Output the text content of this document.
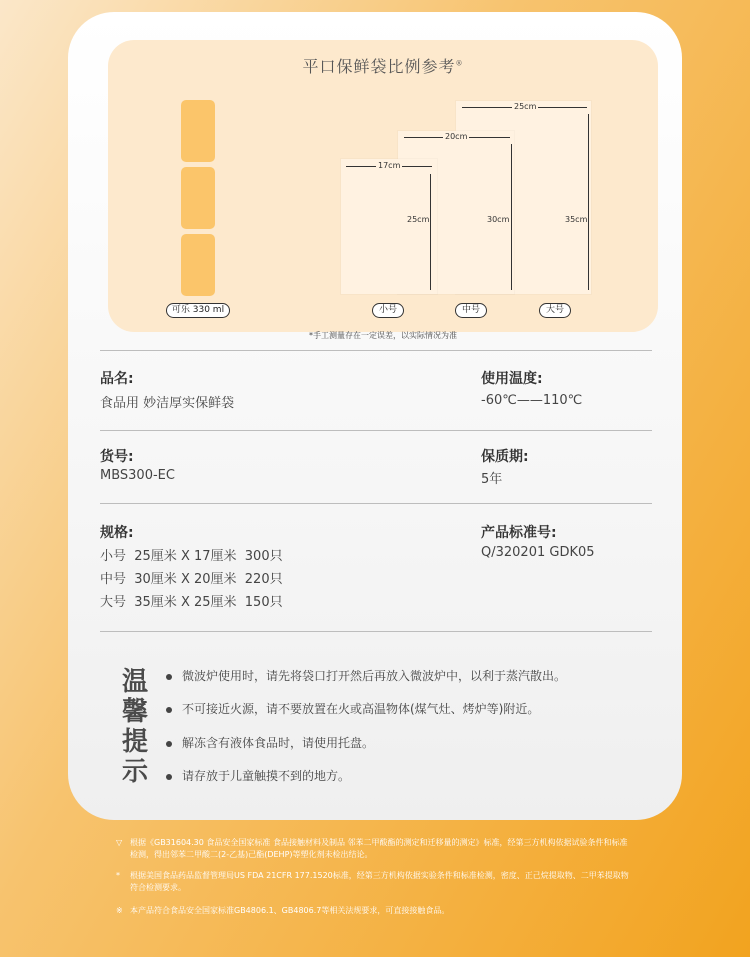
平口保鲜袋比例参考®
可乐 330 ml
17cm
25cm
20cm
30cm
25cm
35cm
小号	中号	大号
*手工测量存在一定误差，以实际情况为准
品名:
食品用 妙洁厚实保鲜袋
使用温度:
-60℃——110℃
货号:
MBS300-EC
保质期:
5年
规格:
小号  25厘米 X 17厘米  300只
中号  30厘米 X 20厘米  220只
大号  35厘米 X 25厘米  150只
产品标准号:
Q/320201 GDK05
温
馨
提
示
微波炉使用时，请先将袋口打开然后再放入微波炉中，以利于蒸汽散出。
不可接近火源，请不要放置在火或高温物体(煤气灶、烤炉等)附近。
解冻含有液体食品时，请使用托盘。
请存放于儿童触摸不到的地方。
▽ 根据《GB31604.30 食品安全国家标准 食品接触材料及制品 邻苯二甲酸酯的测定和迁移量的测定》标准，经第三方机构依据试验条件和标准检测，得出邻苯二甲酸二(2-乙基)己酯(DEHP)等塑化剂未检出结论。
* 根据美国食品药品监督管理局US FDA 21CFR 177.1520标准，经第三方机构依据实验条件和标准检测，密度、正己烷提取物、二甲苯提取物符合检测要求。
※ 本产品符合食品安全国家标准GB4806.1、GB4806.7等相关法规要求，可直接接触食品。
